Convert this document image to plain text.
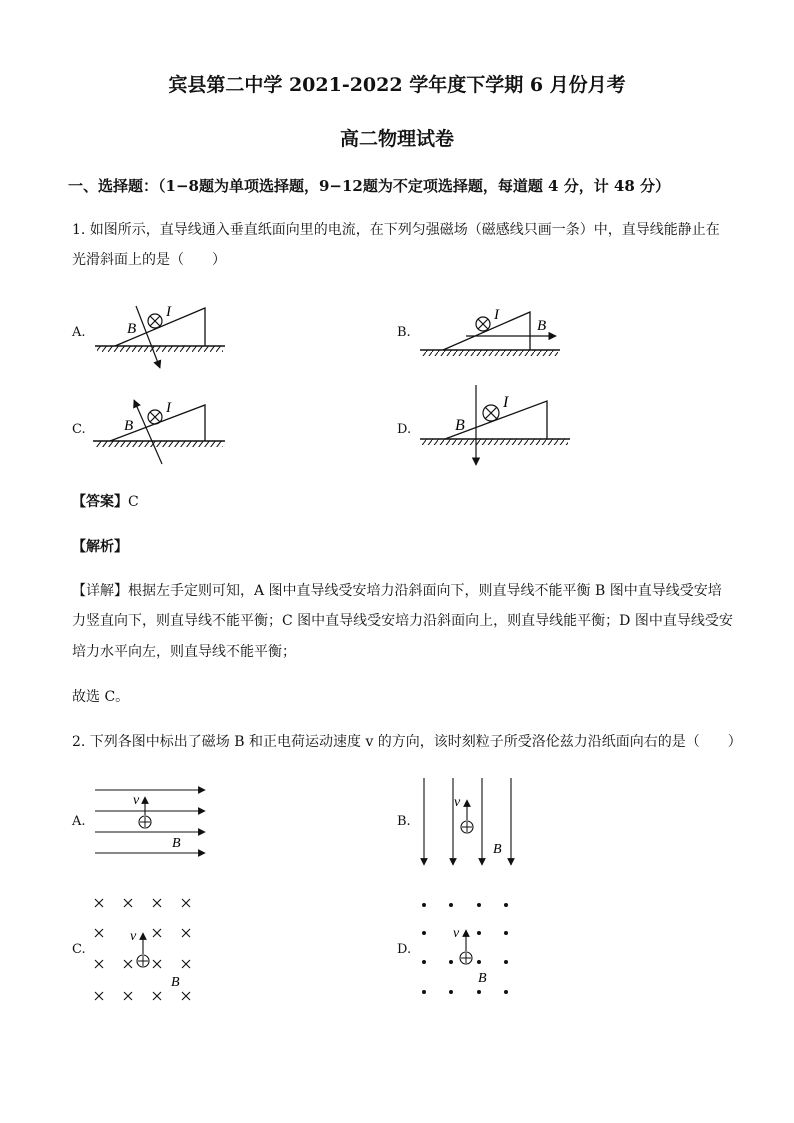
宾县第二中学 2021-2022 学年度下学期 6 月份月考
高二物理试卷
一、选择题：（1−8题为单项选择题，9−12题为不定项选择题，每道题 4 分，计 48 分）
1. 如图所示，直导线通入垂直纸面向里的电流，在下列匀强磁场（磁感线只画一条）中，直导线能静止在
光滑斜面上的是（　　）
A.	B.
C.	D.
I
B
I
B
I
B
I
B
v
B
v
B
v
B
v
B
【答案】C
【解析】
【详解】根据左手定则可知，A 图中直导线受安培力沿斜面向下，则直导线不能平衡 B 图中直导线受安培
力竖直向下，则直导线不能平衡；C 图中直导线受安培力沿斜面向上，则直导线能平衡；D 图中直导线受安
培力水平向左，则直导线不能平衡；
故选 C。
2. 下列各图中标出了磁场 B 和正电荷运动速度 v 的方向，该时刻粒子所受洛伦兹力沿纸面向右的是（　　）
A.	B.
C.	D.
